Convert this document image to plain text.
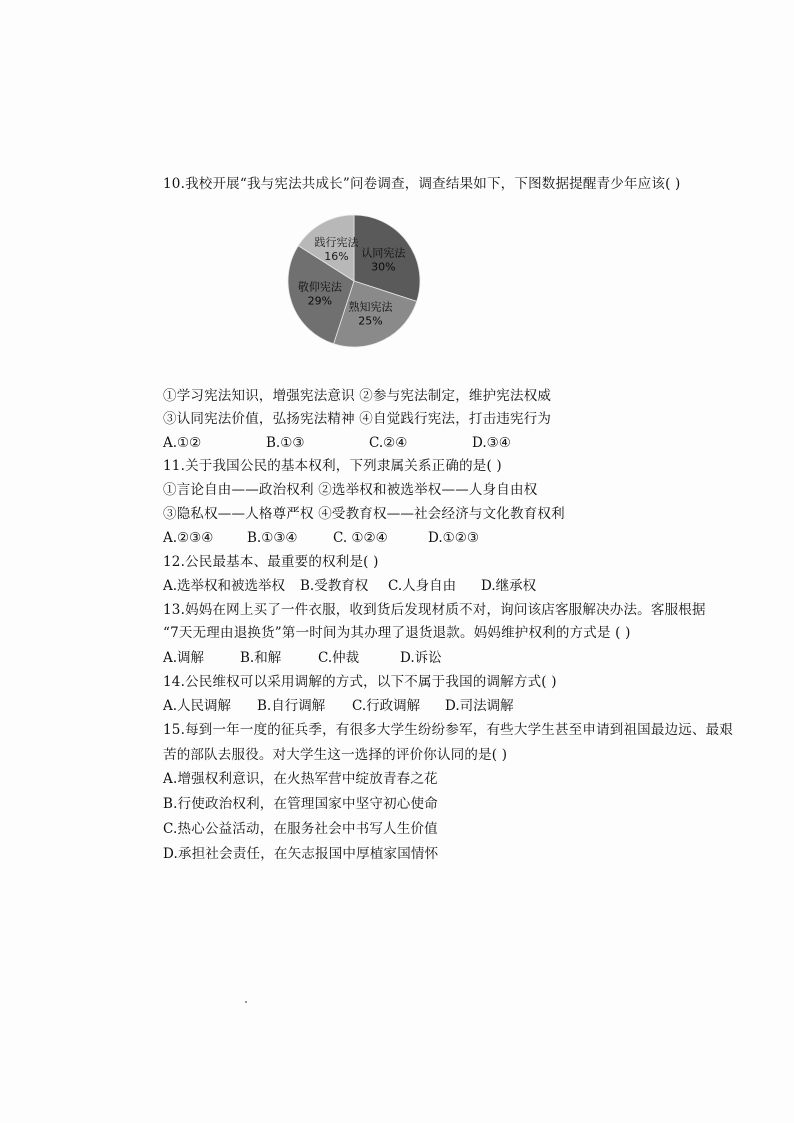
10.我校开展“我与宪法共成长”问卷调查，调查结果如下，下图数据提醒青少年应该( )
认同宪法
30%
熟知宪法
25%
敬仰宪法
29%
践行宪法
16%
①学习宪法知识，增强宪法意识 ②参与宪法制定，维护宪法权威
③认同宪法价值，弘扬宪法精神 ④自觉践行宪法，打击违宪行为
A.①②	B.①③	C.②④	D.③④
11.关于我国公民的基本权利，下列隶属关系正确的是( )
①言论自由——政治权利 ②选举权和被选举权——人身自由权
③隐私权——人格尊严权 ④受教育权——社会经济与文化教育权利
A.②③④ B.①③④	C. ①②④	D.①②③
12.公民最基本、最重要的权利是( )
A.选举权和被选举权 B.受教育权 C.人身自由 D.继承权
13.妈妈在网上买了一件衣服，收到货后发现材质不对，询问该店客服解决办法。客服根据
“7天无理由退换货”第一时间为其办理了退货退款。妈妈维护权利的方式是 ( )
A.调解	B.和解	C.仲裁	D.诉讼
14.公民维权可以采用调解的方式，以下不属于我国的调解方式( )
A.人民调解 B.自行调解 C.行政调解 D.司法调解
15.每到一年一度的征兵季，有很多大学生纷纷参军，有些大学生甚至申请到祖国最边远、最艰
苦的部队去服役。对大学生这一选择的评价你认同的是( )
A.增强权利意识，在火热军营中绽放青春之花
B.行使政治权利，在管理国家中坚守初心使命
C.热心公益活动，在服务社会中书写人生价值
D.承担社会责任，在矢志报国中厚植家国情怀
